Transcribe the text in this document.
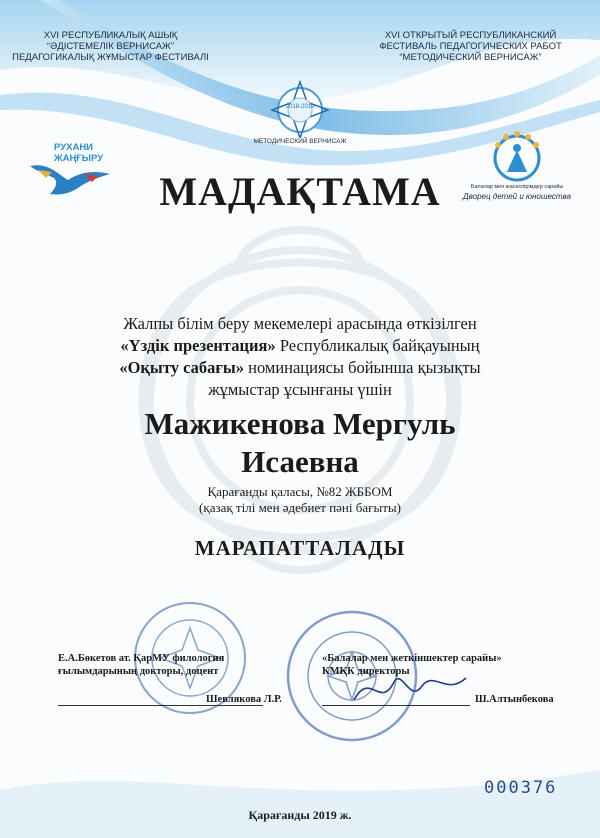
XVI РЕСПУБЛИКАЛЫҚ АШЫҚ
“ӘДІСТЕМЕЛІК ВЕРНИСАЖ”
ПЕДАГОГИКАЛЫҚ ЖҰМЫСТАР ФЕСТИВАЛІ
XVI ОТКРЫТЫЙ РЕСПУБЛИКАНСКИЙ
ФЕСТИВАЛЬ ПЕДАГОГИЧЕСКИХ РАБОТ
“МЕТОДИЧЕСКИЙ ВЕРНИСАЖ”
2018-2019
МЕТОДИЧЕСКИЙ ВЕРНИСАЖ
РУХАНИ
ЖАҢҒЫРУ
Балалар мен жасөспірімдер сарайы
Дворец детей и юношества
МАДАҚТАМА
Жалпы білім беру мекемелері арасында өткізілген
«Үздік презентация» Республикалық байқауының
«Оқыту сабағы» номинациясы бойынша қызықты
жұмыстар ұсынғаны үшін
Мажикенова Мергуль
Исаевна
Қарағанды қаласы, №82 ЖББОМ
(қазақ тілі мен әдебиет пәні бағыты)
МАРАПАТТАЛАДЫ
Е.А.Бөкетов ат. ҚарМУ филология
ғылымдарының докторы, доцент
Шевлякова Л.Р.
«Балалар мен жеткіншектер сарайы»
КМҚК директоры
Ш.Алтынбекова
000376
Қарағанды 2019 ж.
